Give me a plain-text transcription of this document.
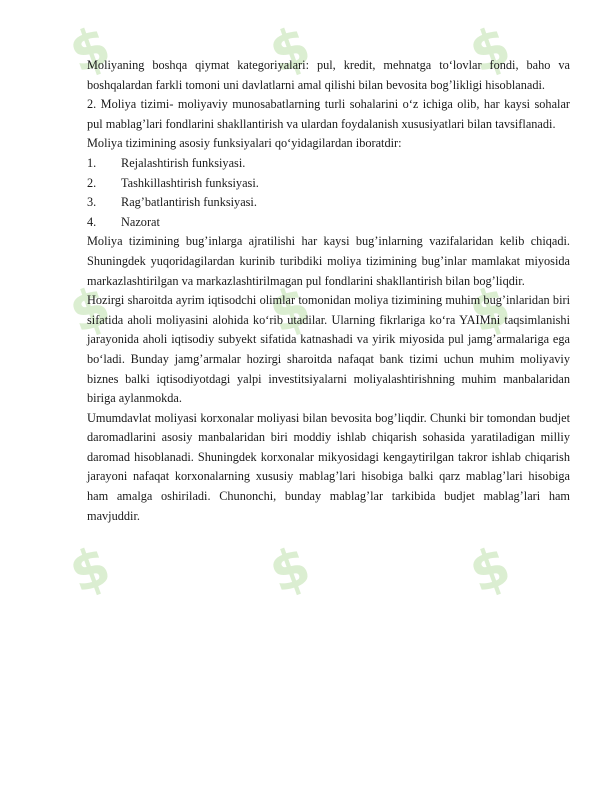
$
$
$
$
$
$
$
$
$

Moliyaning boshqa qiymat kategoriyalari: pul, kredit, mehnatga to‘lovlar fondi, baho va boshqalardan farkli tomoni uni davlatlarni amal qilishi bilan bevosita bog’likligi hisoblanadi.

2. Moliya tizimi- moliyaviy munosabatlarning turli sohalarini o‘z ichiga olib, har kaysi sohalar pul mablag’lari fondlarini shakllantirish va ulardan foydalanish xususiyatlari bilan tavsiflanadi.

Moliya tizimining asosiy funksiyalari qo‘yidagilardan iboratdir:

1.	Rejalashtirish funksiyasi.
2.	Tashkillashtirish funksiyasi.
3.	Rag’batlantirish funksiyasi.
4.	Nazorat

Moliya tizimining bug’inlarga ajratilishi har kaysi bug’inlarning vazifalaridan kelib chiqadi. Shuningdek yuqoridagilardan kurinib turibdiki moliya tizimining bug’inlar mamlakat miyosida markazlashtirilgan va markazlashtirilmagan pul fondlarini shakllantirish bilan bog’liqdir.

Hozirgi sharoitda ayrim iqtisodchi olimlar tomonidan moliya tizimining muhim bug’inlaridan biri sifatida aholi moliyasini alohida ko‘rib utadilar. Ularning fikrlariga ko‘ra YAIMni taqsimlanishi jarayonida aholi iqtisodiy subyekt sifatida katnashadi va yirik miyosida pul jamg’armalariga ega bo‘ladi. Bunday jamg’armalar hozirgi sharoitda nafaqat bank tizimi uchun muhim moliyaviy biznes balki iqtisodiyotdagi yalpi investitsiyalarni moliyalashtirishning muhim manbalaridan biriga aylanmokda.

Umumdavlat moliyasi korxonalar moliyasi bilan bevosita bog’liqdir. Chunki bir tomondan budjet daromadlarini asosiy manbalaridan biri moddiy ishlab chiqarish sohasida yaratiladigan milliy daromad hisoblanadi. Shuningdek korxonalar mikyosidagi kengaytirilgan takror ishlab chiqarish jarayoni nafaqat korxonalarning xususiy mablag’lari hisobiga balki qarz mablag’lari hisobiga ham amalga oshiriladi. Chunonchi, bunday mablag’lar tarkibida budjet mablag’lari ham mavjuddir.
